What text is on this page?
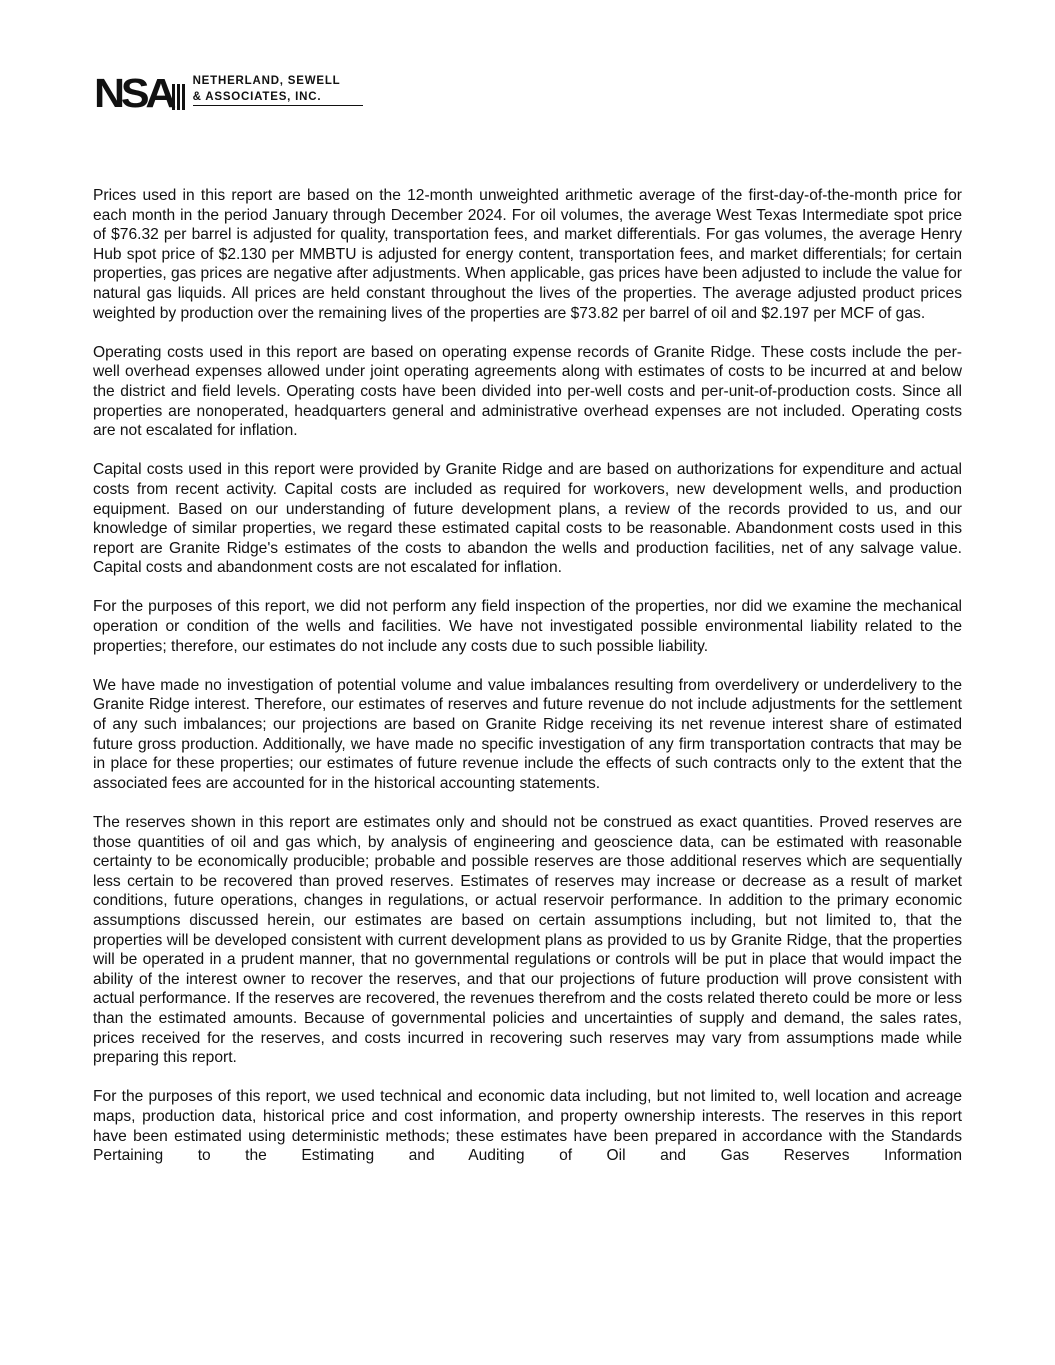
NSA NETHERLAND, SEWELL
& ASSOCIATES, INC.

Prices used in this report are based on the 12-month unweighted arithmetic average of the first-day-of-the-month price for each month in the period January through December 2024. For oil volumes, the average West Texas Intermediate spot price of $76.32 per barrel is adjusted for quality, transportation fees, and market differentials. For gas volumes, the average Henry Hub spot price of $2.130 per MMBTU is adjusted for energy content, transportation fees, and market differentials; for certain properties, gas prices are negative after adjustments. When applicable, gas prices have been adjusted to include the value for natural gas liquids. All prices are held constant throughout the lives of the properties. The average adjusted product prices weighted by production over the remaining lives of the properties are $73.82 per barrel of oil and $2.197 per MCF of gas.

Operating costs used in this report are based on operating expense records of Granite Ridge. These costs include the per-well overhead expenses allowed under joint operating agreements along with estimates of costs to be incurred at and below the district and field levels. Operating costs have been divided into per-well costs and per-unit-of-production costs. Since all properties are nonoperated, headquarters general and administrative overhead expenses are not included. Operating costs are not escalated for inflation.

Capital costs used in this report were provided by Granite Ridge and are based on authorizations for expenditure and actual costs from recent activity. Capital costs are included as required for workovers, new development wells, and production equipment. Based on our understanding of future development plans, a review of the records provided to us, and our knowledge of similar properties, we regard these estimated capital costs to be reasonable. Abandonment costs used in this report are Granite Ridge's estimates of the costs to abandon the wells and production facilities, net of any salvage value. Capital costs and abandonment costs are not escalated for inflation.

For the purposes of this report, we did not perform any field inspection of the properties, nor did we examine the mechanical operation or condition of the wells and facilities. We have not investigated possible environmental liability related to the properties; therefore, our estimates do not include any costs due to such possible liability.

We have made no investigation of potential volume and value imbalances resulting from overdelivery or underdelivery to the Granite Ridge interest. Therefore, our estimates of reserves and future revenue do not include adjustments for the settlement of any such imbalances; our projections are based on Granite Ridge receiving its net revenue interest share of estimated future gross production. Additionally, we have made no specific investigation of any firm transportation contracts that may be in place for these properties; our estimates of future revenue include the effects of such contracts only to the extent that the associated fees are accounted for in the historical accounting statements.

The reserves shown in this report are estimates only and should not be construed as exact quantities. Proved reserves are those quantities of oil and gas which, by analysis of engineering and geoscience data, can be estimated with reasonable certainty to be economically producible; probable and possible reserves are those additional reserves which are sequentially less certain to be recovered than proved reserves. Estimates of reserves may increase or decrease as a result of market conditions, future operations, changes in regulations, or actual reservoir performance. In addition to the primary economic assumptions discussed herein, our estimates are based on certain assumptions including, but not limited to, that the properties will be developed consistent with current development plans as provided to us by Granite Ridge, that the properties will be operated in a prudent manner, that no governmental regulations or controls will be put in place that would impact the ability of the interest owner to recover the reserves, and that our projections of future production will prove consistent with actual performance. If the reserves are recovered, the revenues therefrom and the costs related thereto could be more or less than the estimated amounts. Because of governmental policies and uncertainties of supply and demand, the sales rates, prices received for the reserves, and costs incurred in recovering such reserves may vary from assumptions made while preparing this report.

For the purposes of this report, we used technical and economic data including, but not limited to, well location and acreage maps, production data, historical price and cost information, and property ownership interests. The reserves in this report have been estimated using deterministic methods; these estimates have been prepared in accordance with the Standards Pertaining to the Estimating and Auditing of Oil and Gas Reserves Information
